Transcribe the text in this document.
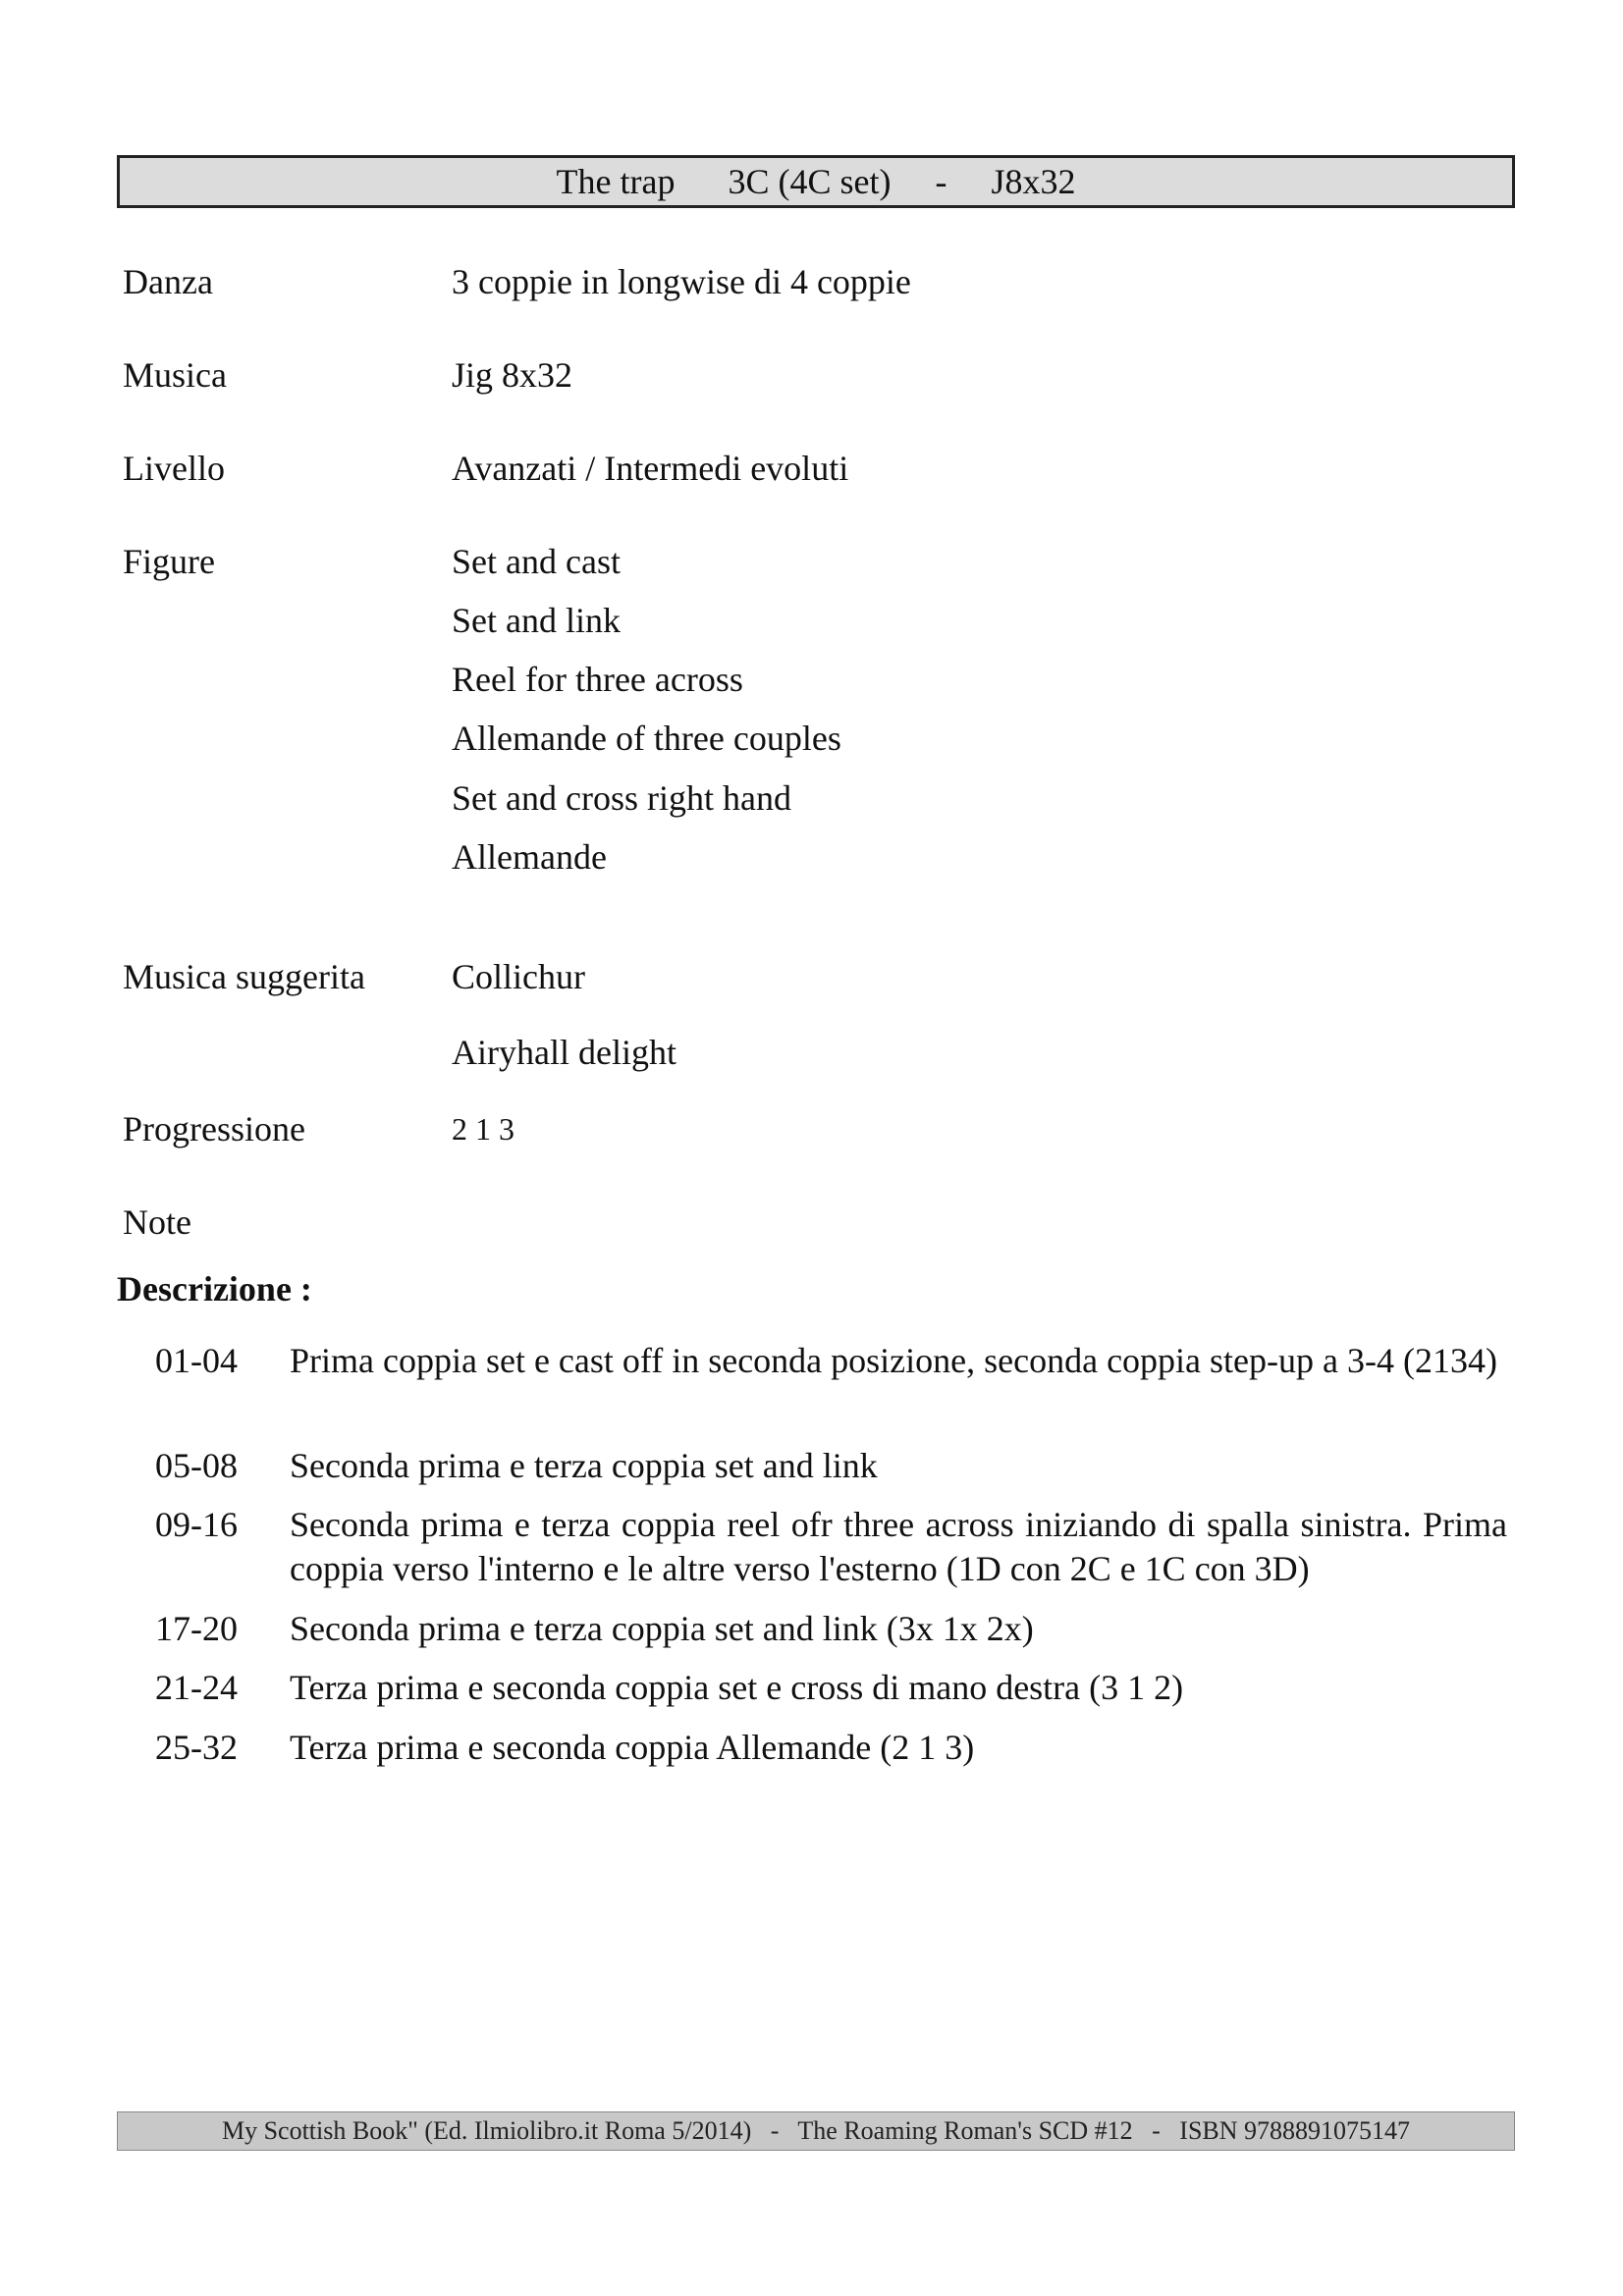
The trap      3C (4C set)     -     J8x32
Danza	3 coppie in longwise di 4 coppie
Musica	Jig 8x32
Livello	Avanzati / Intermedi evoluti
Figure	Set and cast
Set and link
Reel for three across
Allemande of three couples
Set and cross right hand
Allemande
Musica suggerita Collichur
Airyhall delight
Progressione	2 1 3
Note
Descrizione :
01-04 Prima coppia set e cast off in seconda posizione, seconda coppia step-up a 3-4 (2134)
05-08 Seconda prima e terza coppia set and link
09-16 Seconda prima e terza coppia reel ofr three across iniziando di spalla sinistra. Prima coppia verso l'interno e le altre verso l'esterno (1D con 2C e 1C con 3D)
17-20 Seconda prima e terza coppia set and link (3x 1x 2x)
21-24 Terza prima e seconda coppia set e cross di mano destra (3 1 2)
25-32 Terza prima e seconda coppia Allemande (2 1 3)
My Scottish Book" (Ed. Ilmiolibro.it Roma 5/2014)   -   The Roaming Roman's SCD #12   -   ISBN 9788891075147
